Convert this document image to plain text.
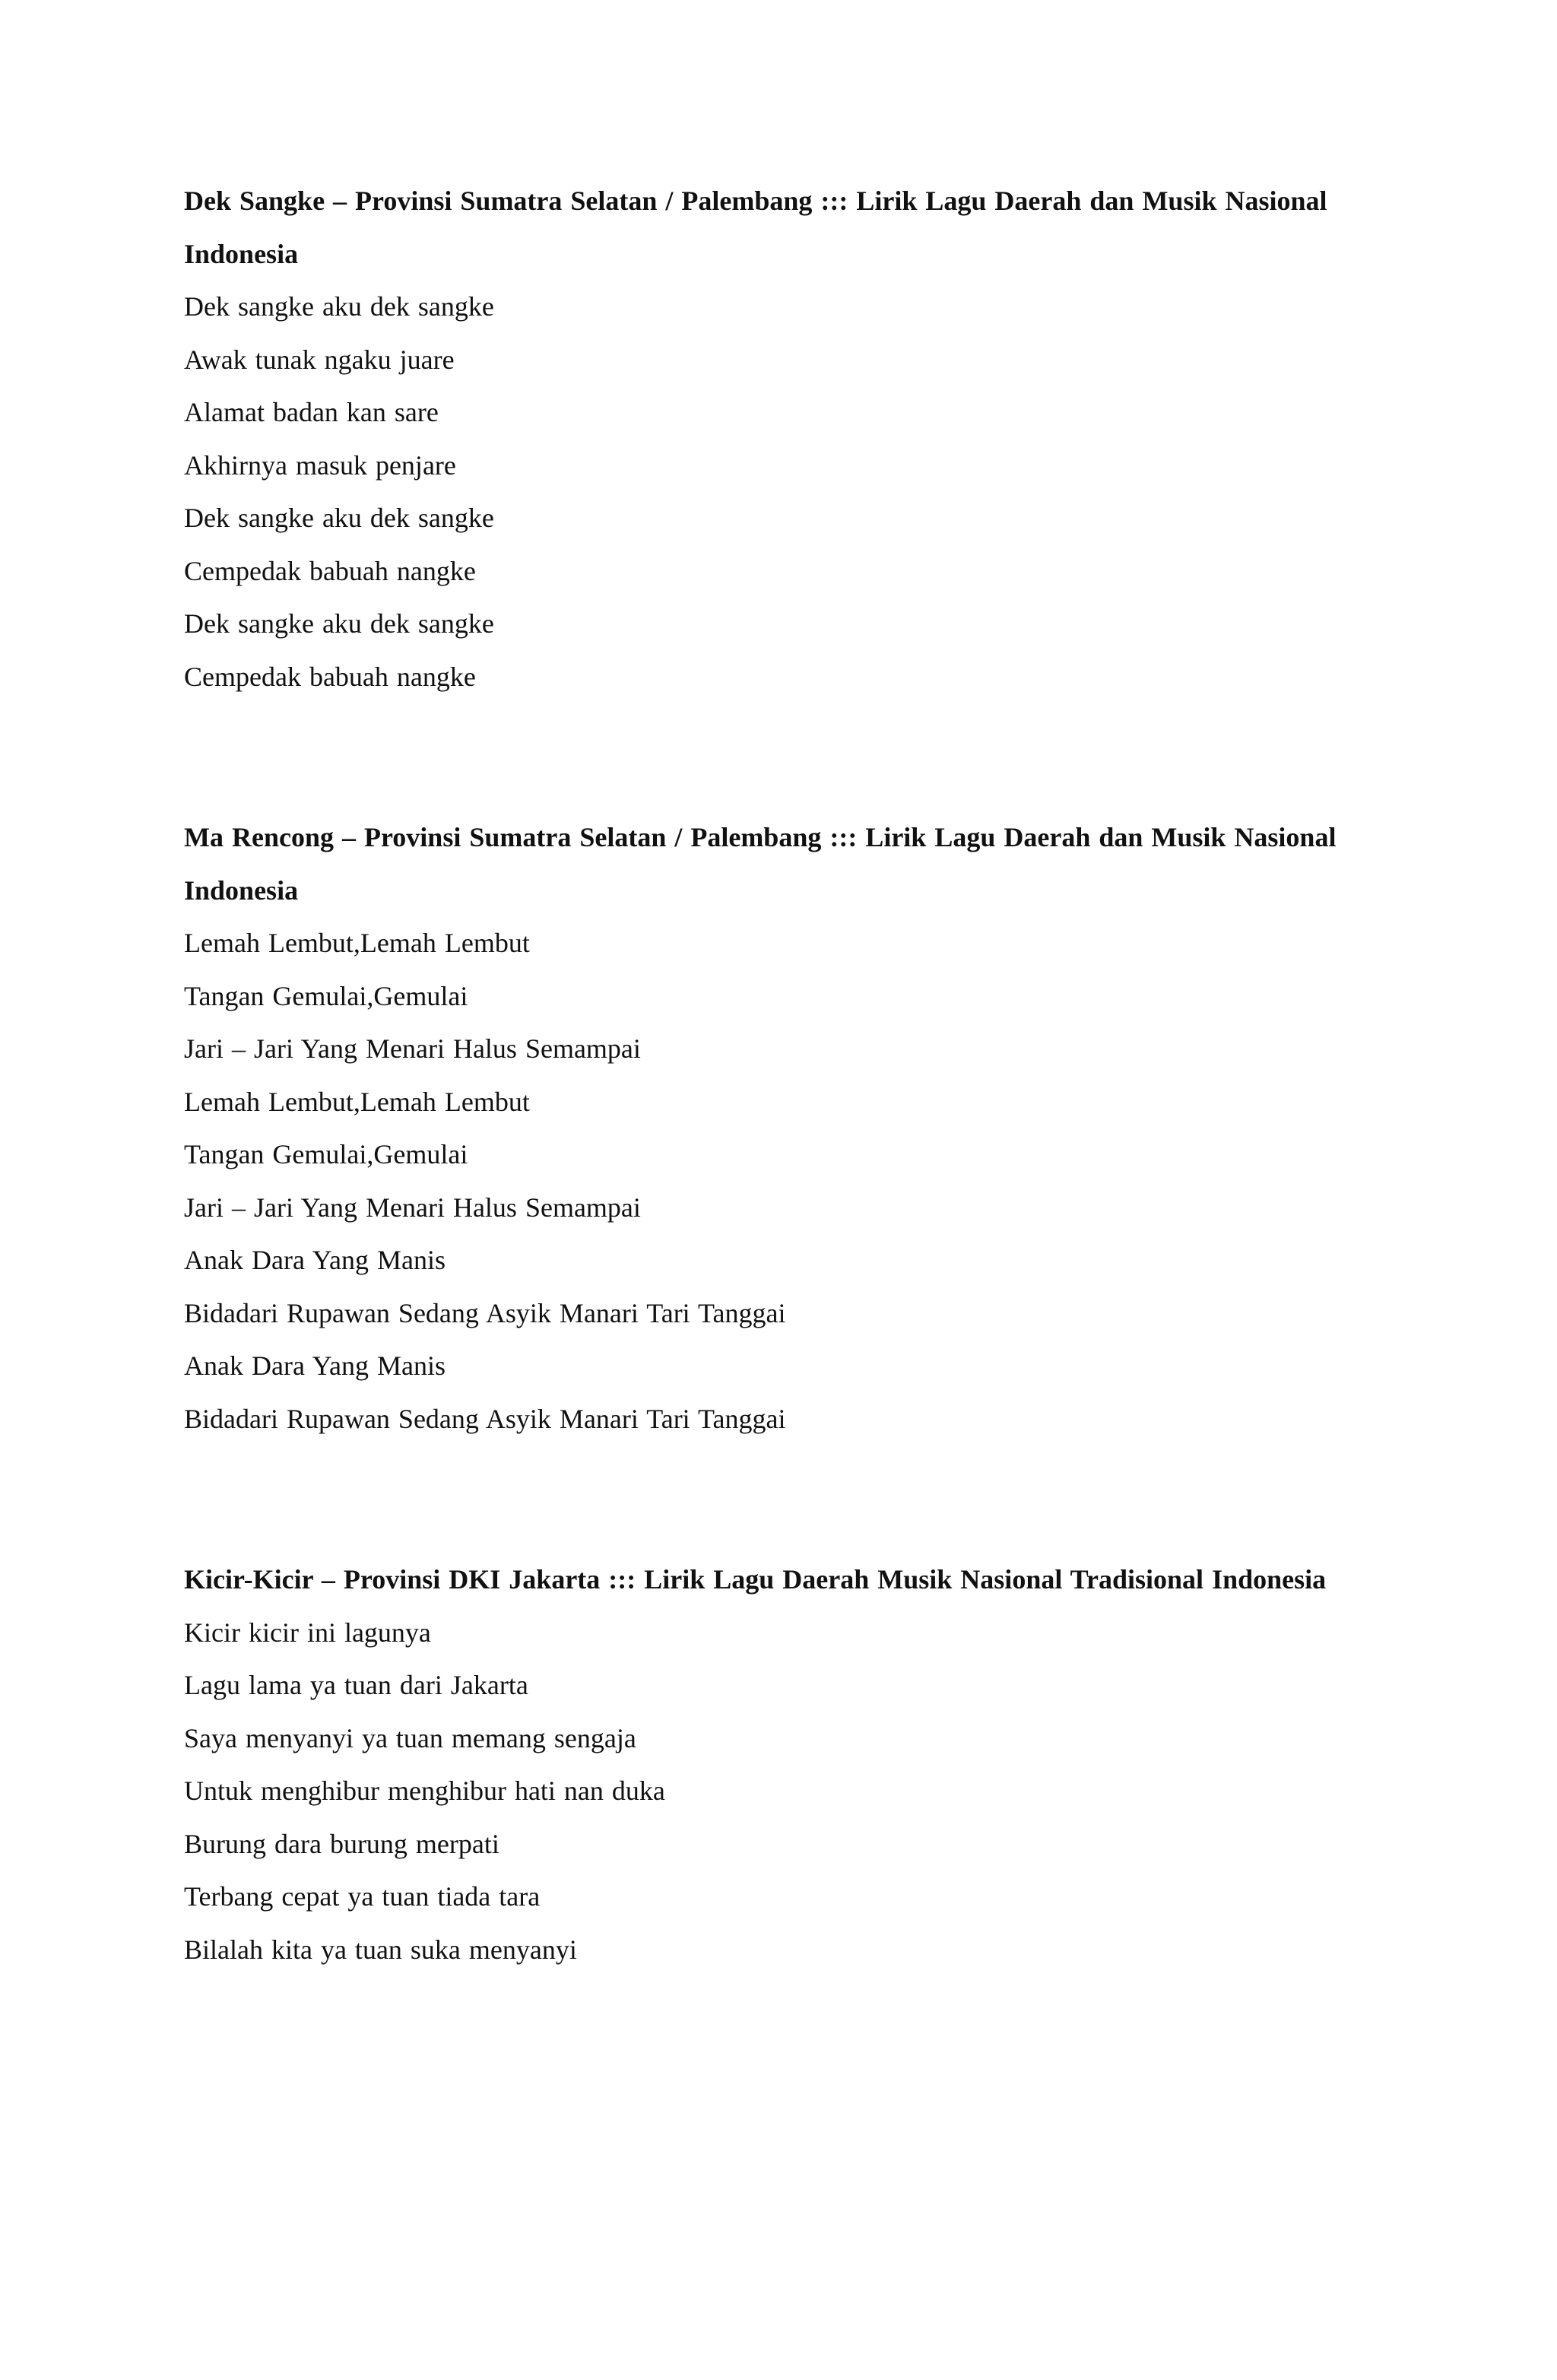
Dek Sangke – Provinsi Sumatra Selatan / Palembang ::: Lirik Lagu Daerah dan Musik Nasional Indonesia

Dek sangke aku dek sangke
Awak tunak ngaku juare
Alamat badan kan sare
Akhirnya masuk penjare
Dek sangke aku dek sangke
Cempedak babuah nangke
Dek sangke aku dek sangke
Cempedak babuah nangke

Ma Rencong – Provinsi Sumatra Selatan / Palembang ::: Lirik Lagu Daerah dan Musik Nasional Indonesia

Lemah Lembut,Lemah Lembut
Tangan Gemulai,Gemulai
Jari – Jari Yang Menari Halus Semampai
Lemah Lembut,Lemah Lembut
Tangan Gemulai,Gemulai
Jari – Jari Yang Menari Halus Semampai
Anak Dara Yang Manis
Bidadari Rupawan Sedang Asyik Manari Tari Tanggai
Anak Dara Yang Manis
Bidadari Rupawan Sedang Asyik Manari Tari Tanggai

Kicir-Kicir – Provinsi DKI Jakarta ::: Lirik Lagu Daerah Musik Nasional Tradisional Indonesia

Kicir kicir ini lagunya
Lagu lama ya tuan dari Jakarta
Saya menyanyi ya tuan memang sengaja
Untuk menghibur menghibur hati nan duka
Burung dara burung merpati
Terbang cepat ya tuan tiada tara
Bilalah kita ya tuan suka menyanyi
